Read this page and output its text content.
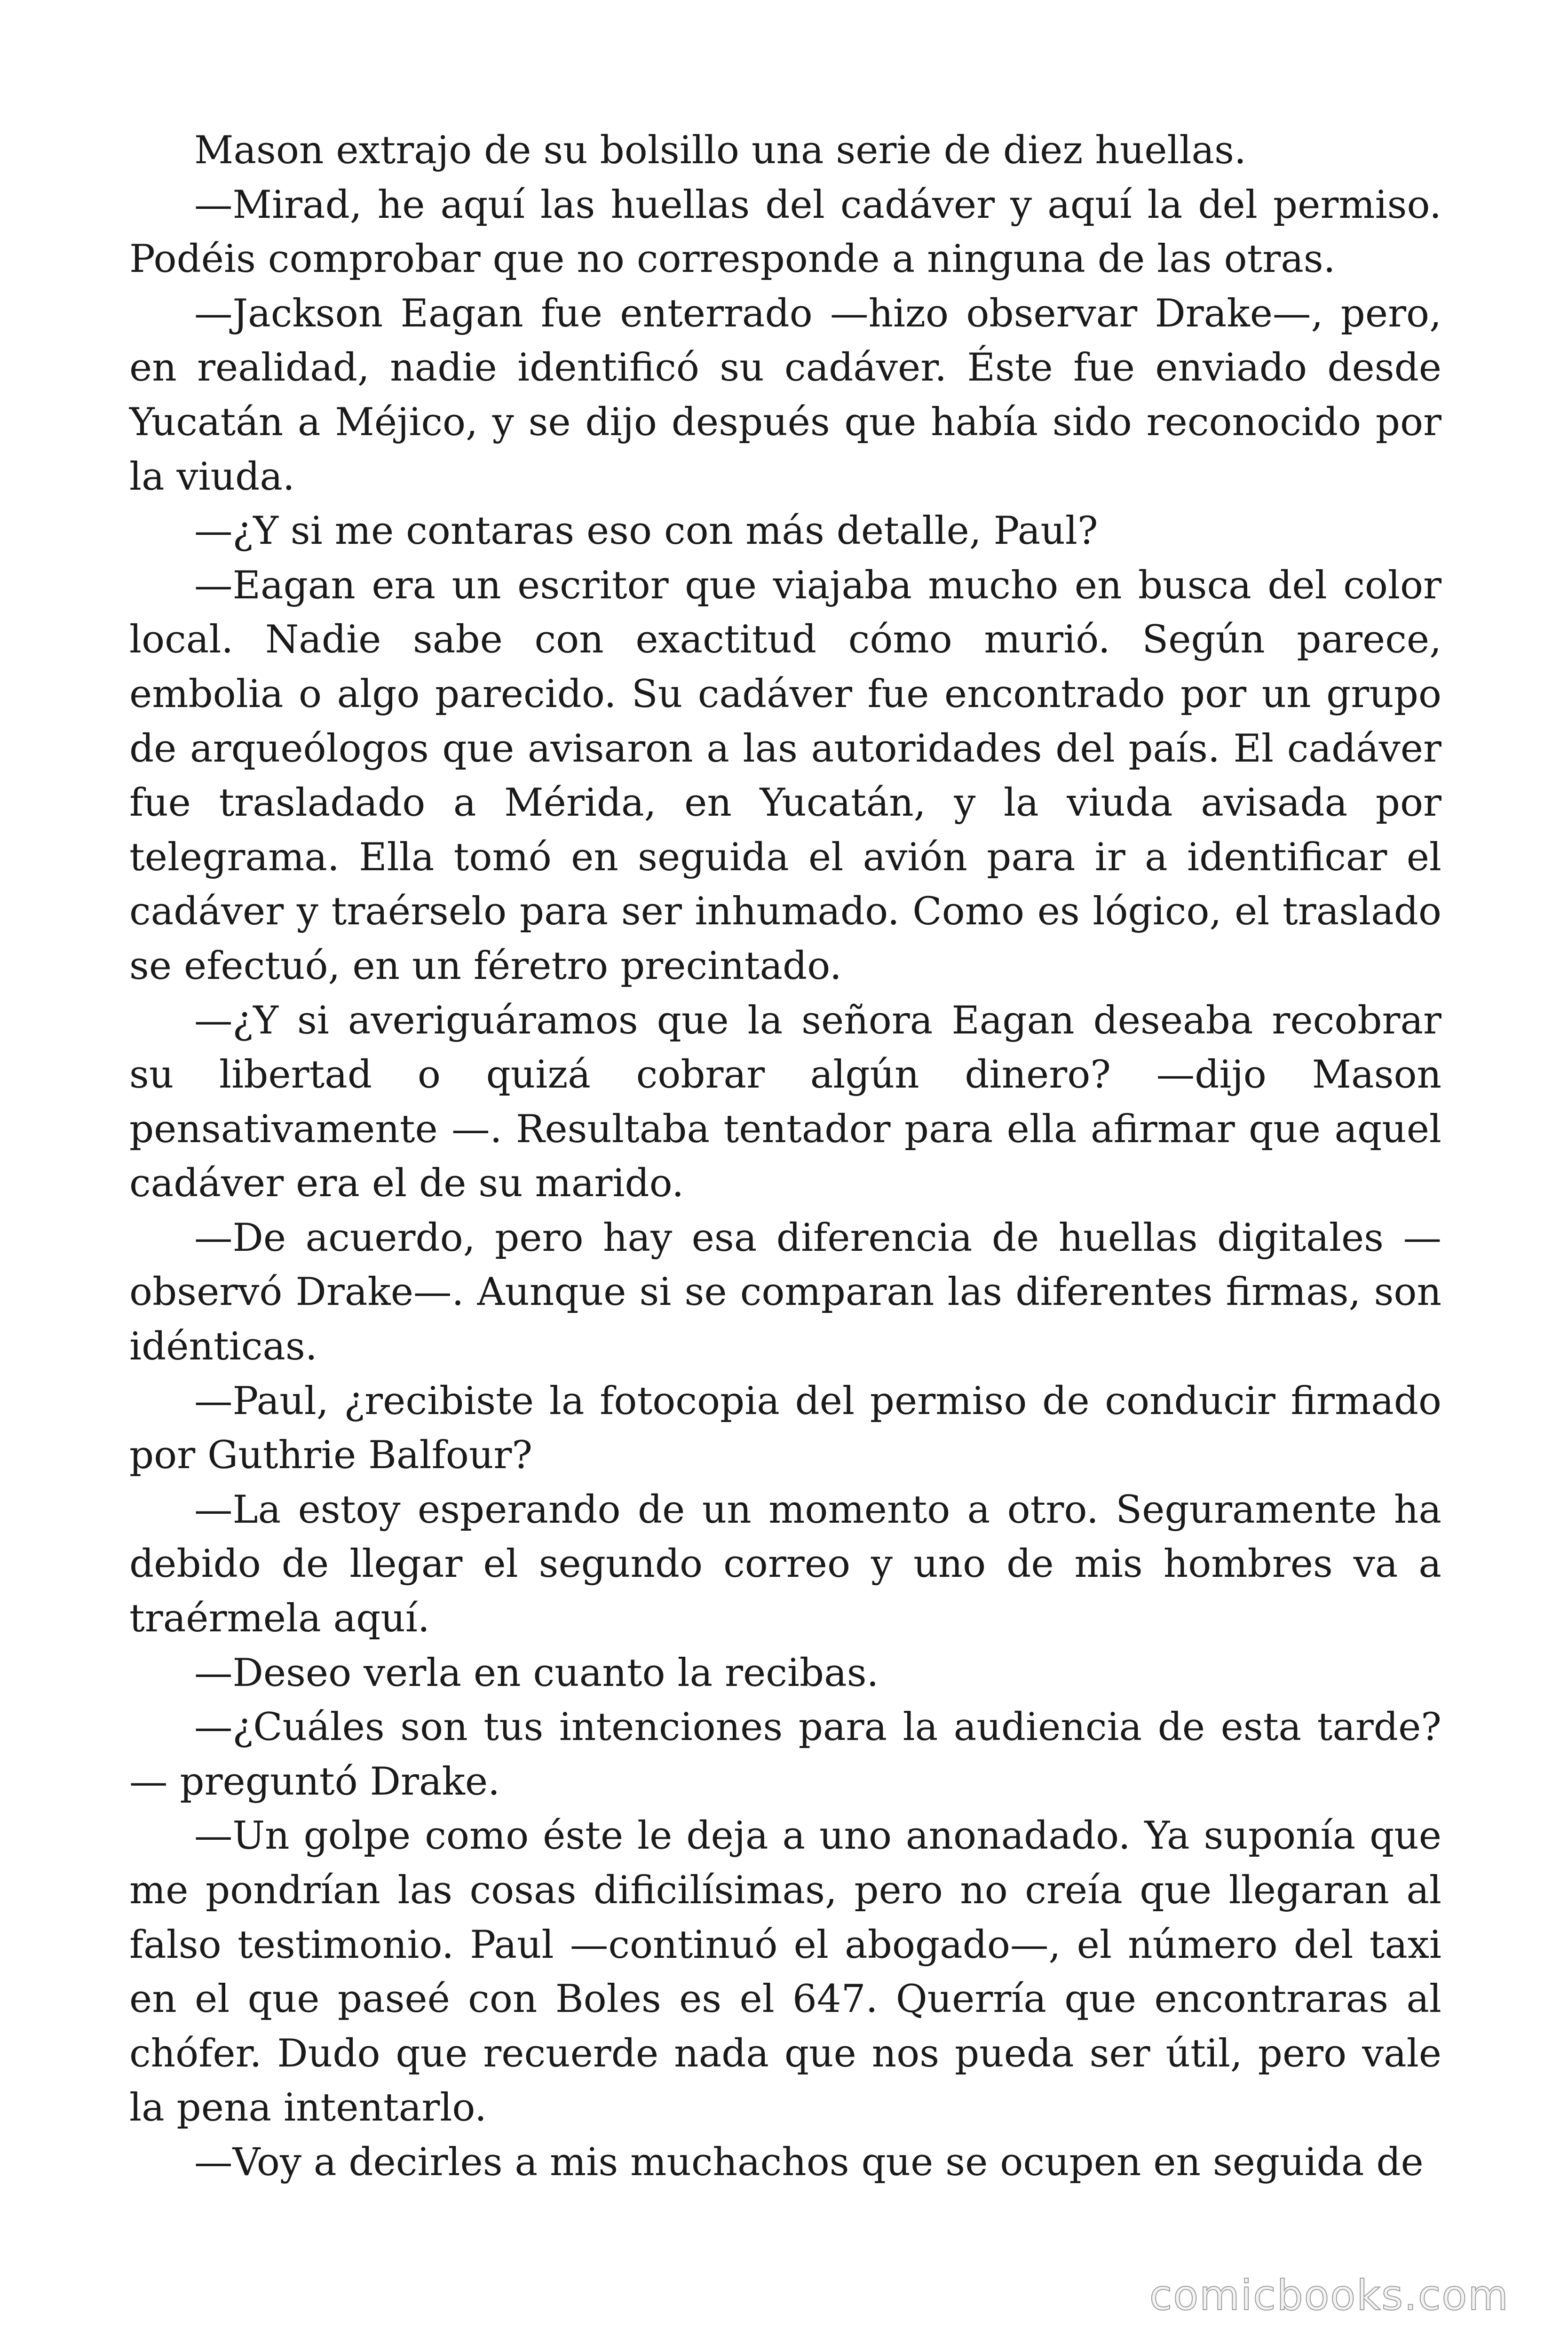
Mason extrajo de su bolsillo una serie de diez huellas.

—Mirad, he aquí las huellas del cadáver y aquí la del permiso. Podéis comprobar que no corresponde a ninguna de las otras.

—Jackson Eagan fue enterrado —hizo observar Drake—, pero, en realidad, nadie identificó su cadáver. Éste fue enviado desde Yucatán a Méjico, y se dijo después que había sido reconocido por la viuda.

—¿Y si me contaras eso con más detalle, Paul?

—Eagan era un escritor que viajaba mucho en busca del color local. Nadie sabe con exactitud cómo murió. Según parece, embolia o algo parecido. Su cadáver fue encontrado por un grupo de arqueólogos que avisaron a las autoridades del país. El cadáver fue trasladado a Mérida, en Yucatán, y la viuda avisada por telegrama. Ella tomó en seguida el avión para ir a identificar el cadáver y traérselo para ser inhumado. Como es lógico, el traslado se efectuó, en un féretro precintado.

—¿Y si averiguáramos que la señora Eagan deseaba recobrar su libertad o quizá cobrar algún dinero? —dijo Mason pensativamente —. Resultaba tentador para ella afirmar que aquel cadáver era el de su marido.

—De acuerdo, pero hay esa diferencia de huellas digitales — observó Drake—. Aunque si se comparan las diferentes firmas, son idénticas.

—Paul, ¿recibiste la fotocopia del permiso de conducir firmado por Guthrie Balfour?

—La estoy esperando de un momento a otro. Seguramente ha debido de llegar el segundo correo y uno de mis hombres va a traérmela aquí.

—Deseo verla en cuanto la recibas.

—¿Cuáles son tus intenciones para la audiencia de esta tarde? — preguntó Drake.

—Un golpe como éste le deja a uno anonadado. Ya suponía que me pondrían las cosas dificilísimas, pero no creía que llegaran al falso testimonio. Paul —continuó el abogado—, el número del taxi en el que paseé con Boles es el 647. Querría que encontraras al chófer. Dudo que recuerde nada que nos pueda ser útil, pero vale la pena intentarlo.

—Voy a decirles a mis muchachos que se ocupen en seguida de

comicbooks.com
